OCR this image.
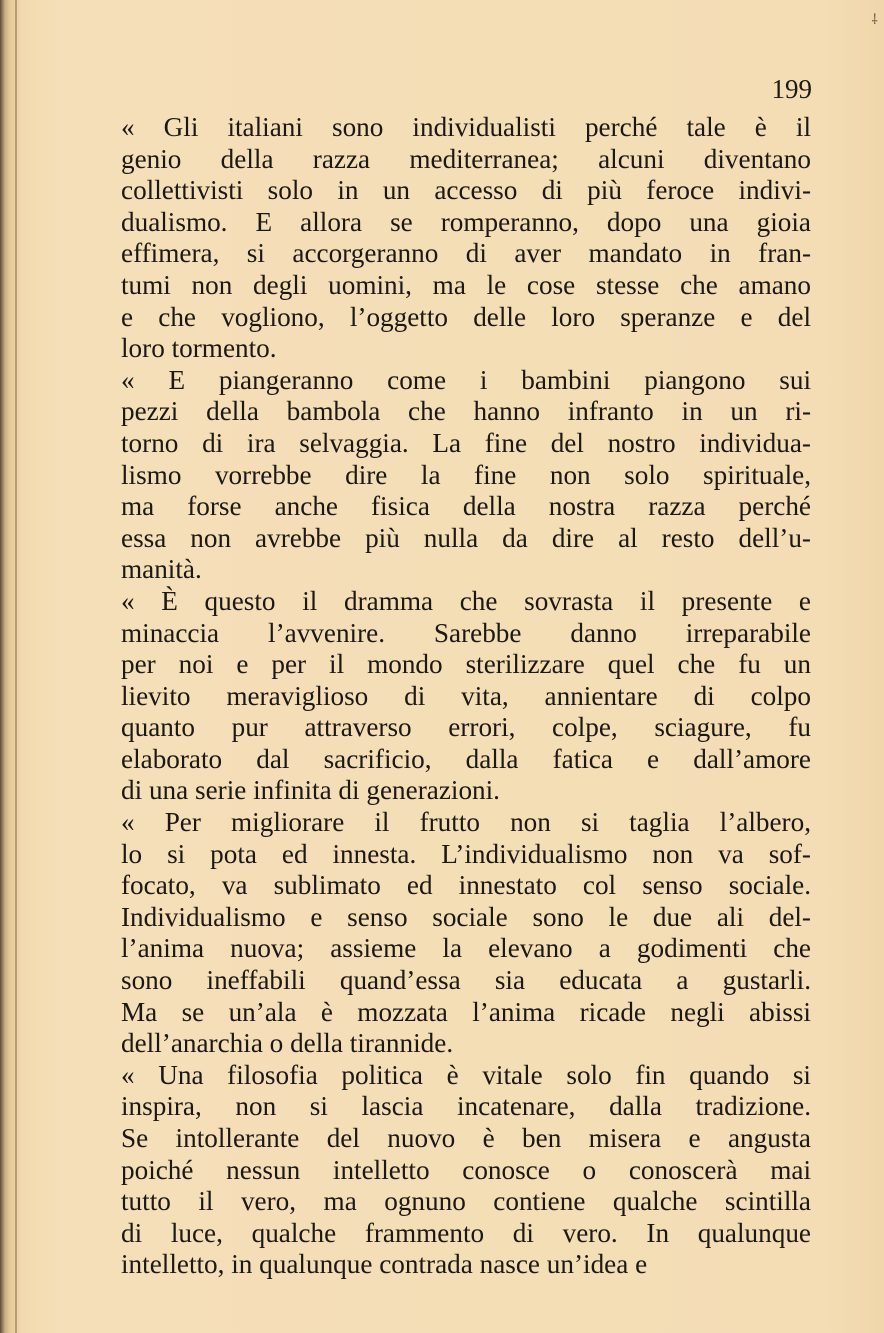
⸸
199
« Gli italiani sono individualisti perché tale è il
genio della razza mediterranea; alcuni diventano
collettivisti solo in un accesso di più feroce indivi-
dualismo. E allora se romperanno, dopo una gioia
effimera, si accorgeranno di aver mandato in fran-
tumi non degli uomini, ma le cose stesse che amano
e che vogliono, l’oggetto delle loro speranze e del
loro tormento.
« E piangeranno come i bambini piangono sui
pezzi della bambola che hanno infranto in un ri-
torno di ira selvaggia. La fine del nostro individua-
lismo vorrebbe dire la fine non solo spirituale,
ma forse anche fisica della nostra razza perché
essa non avrebbe più nulla da dire al resto dell’u-
manità.
« È questo il dramma che sovrasta il presente e
minaccia l’avvenire. Sarebbe danno irreparabile
per noi e per il mondo sterilizzare quel che fu un
lievito meraviglioso di vita, annientare di colpo
quanto pur attraverso errori, colpe, sciagure, fu
elaborato dal sacrificio, dalla fatica e dall’amore
di una serie infinita di generazioni.
« Per migliorare il frutto non si taglia l’albero,
lo si pota ed innesta. L’individualismo non va sof-
focato, va sublimato ed innestato col senso sociale.
Individualismo e senso sociale sono le due ali del-
l’anima nuova; assieme la elevano a godimenti che
sono ineffabili quand’essa sia educata a gustarli.
Ma se un’ala è mozzata l’anima ricade negli abissi
dell’anarchia o della tirannide.
« Una filosofia politica è vitale solo fin quando si
inspira, non si lascia incatenare, dalla tradizione.
Se intollerante del nuovo è ben misera e angusta
poiché nessun intelletto conosce o conoscerà mai
tutto il vero, ma ognuno contiene qualche scintilla
di luce, qualche frammento di vero. In qualunque
intelletto, in qualunque contrada nasce un’idea e
